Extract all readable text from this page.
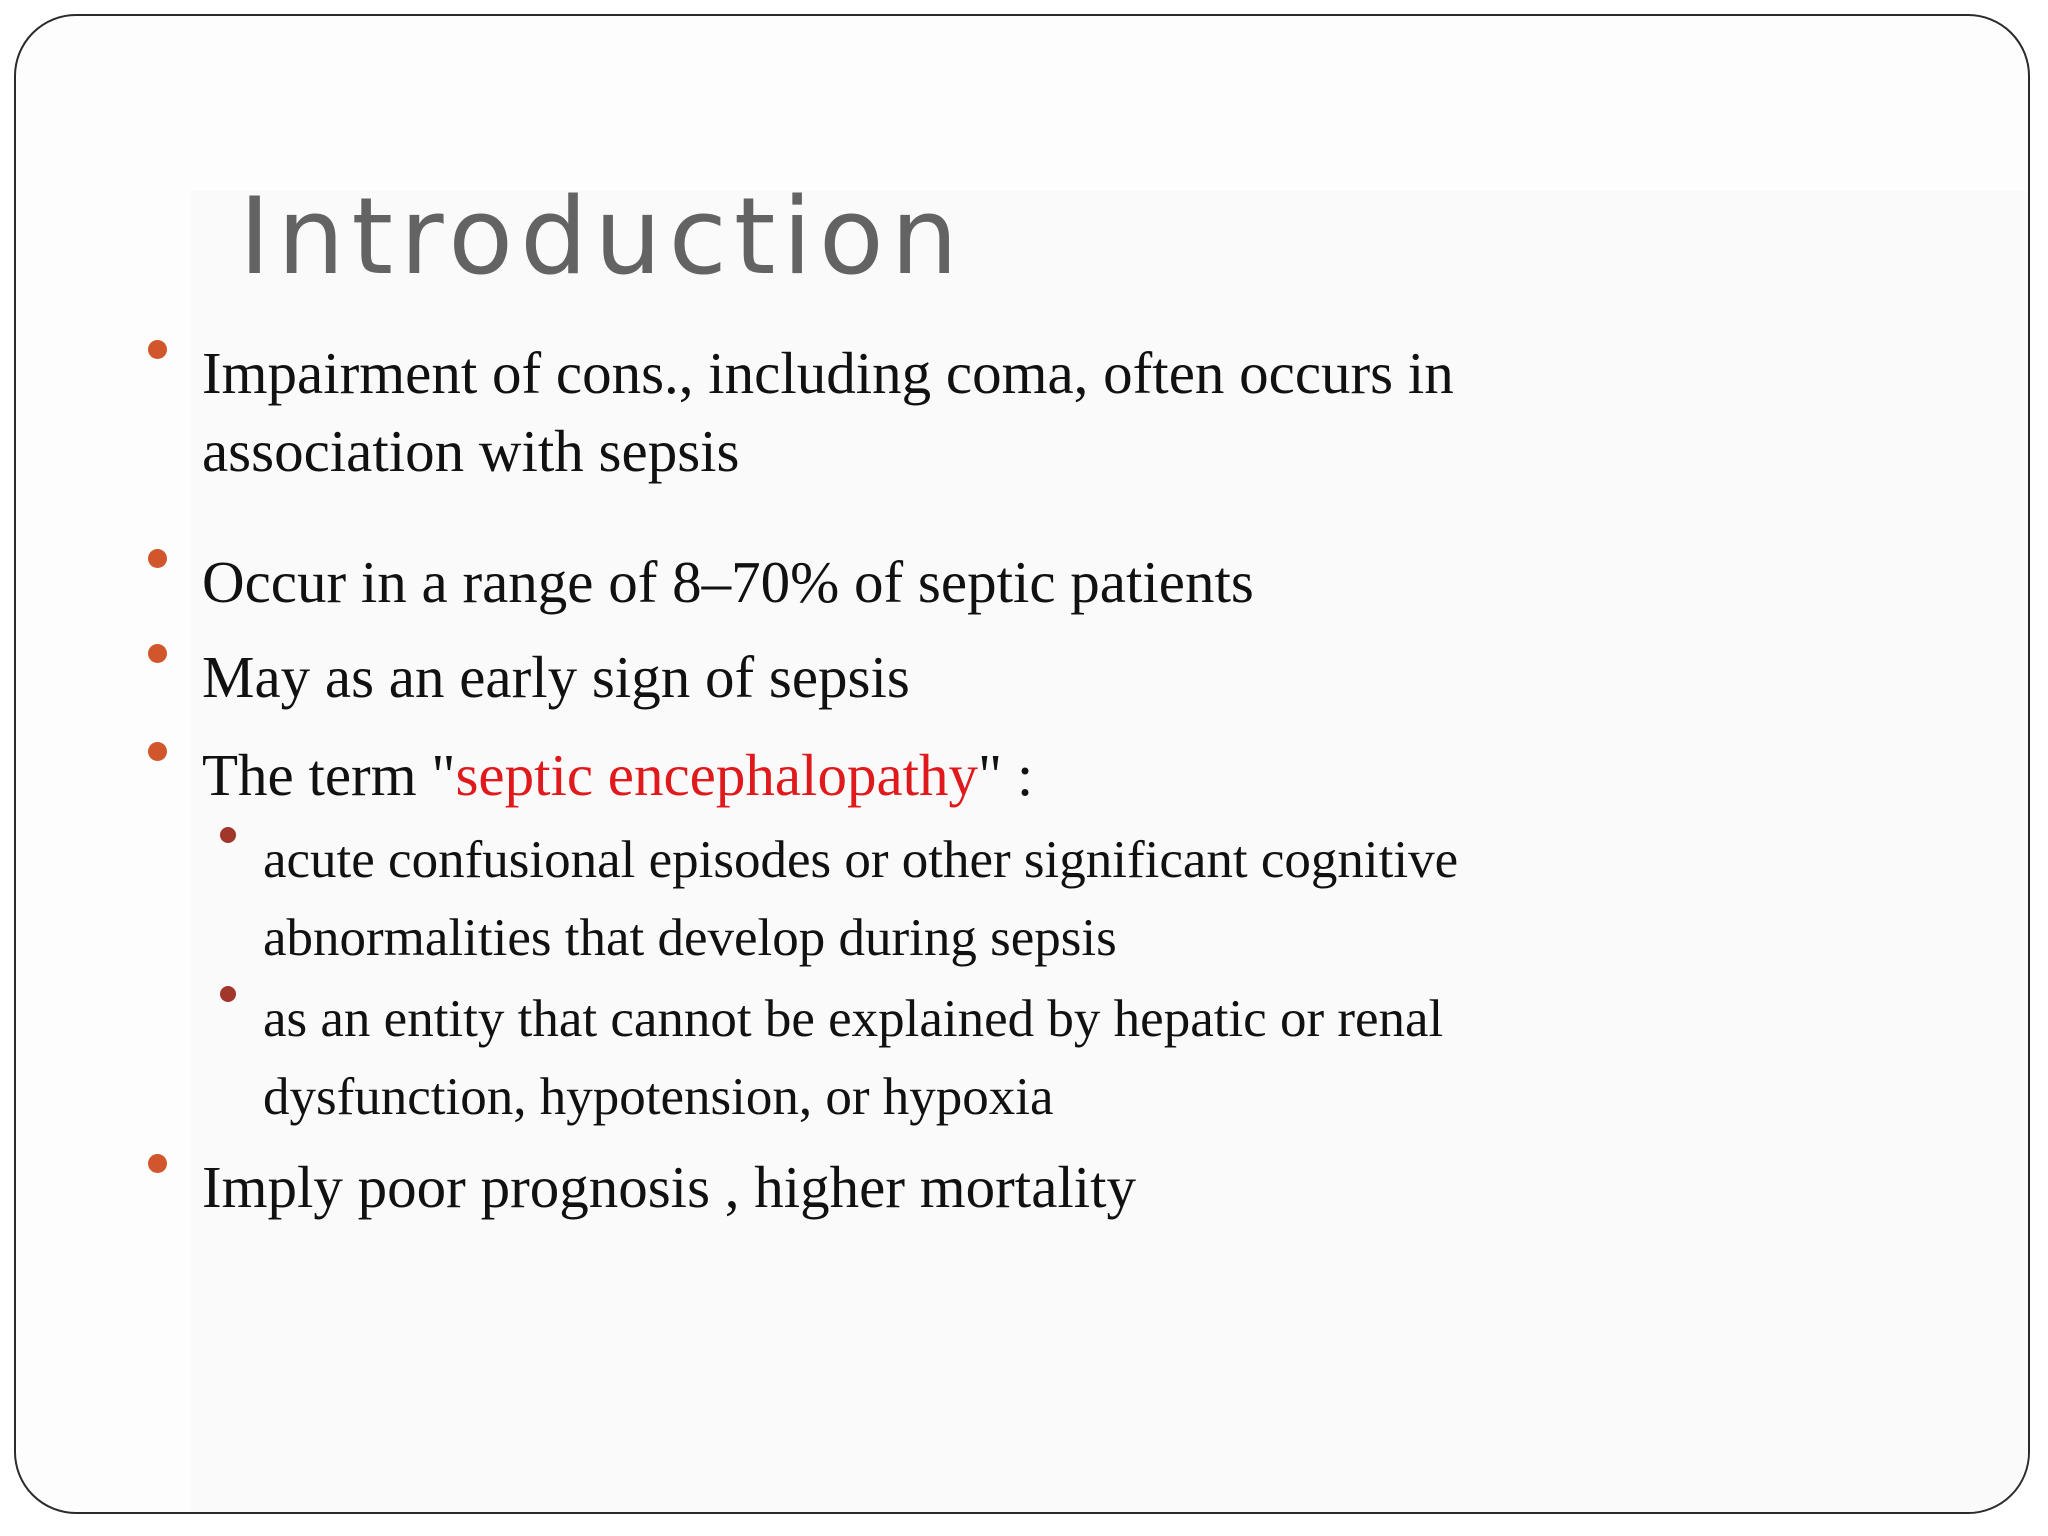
Introduction
Impairment of cons., including coma, often occurs in association with sepsis
Occur in a range of 8–70% of septic patients
May as an early sign of sepsis
The term "septic encephalopathy" :
acute confusional episodes or other significant cognitive abnormalities that develop during sepsis
as an entity that cannot be explained by hepatic or renal dysfunction, hypotension, or hypoxia
Imply poor prognosis , higher mortality
